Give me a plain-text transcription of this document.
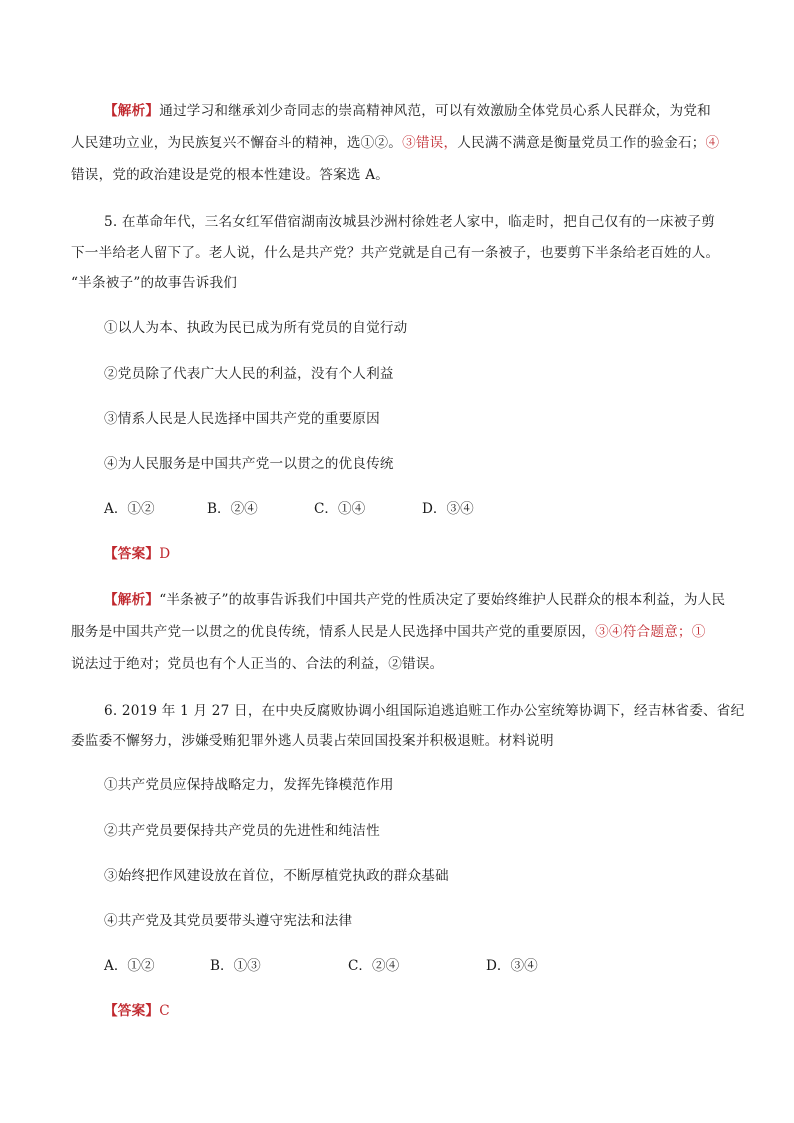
【解析】通过学习和继承刘少奇同志的崇高精神风范，可以有效激励全体党员心系人民群众，为党和
人民建功立业，为民族复兴不懈奋斗的精神，选①②。③错误，人民满不满意是衡量党员工作的验金石；④
错误，党的政治建设是党的根本性建设。答案选 A。
5. 在革命年代，三名女红军借宿湖南汝城县沙洲村徐姓老人家中，临走时，把自己仅有的一床被子剪
下一半给老人留下了。老人说，什么是共产党？共产党就是自己有一条被子，也要剪下半条给老百姓的人。
“半条被子”的故事告诉我们
①以人为本、执政为民已成为所有党员的自觉行动
②党员除了代表广大人民的利益，没有个人利益
③情系人民是人民选择中国共产党的重要原因
④为人民服务是中国共产党一以贯之的优良传统
A．①②	B．②④	C．①④	D．③④
【答案】D
【解析】“半条被子”的故事告诉我们中国共产党的性质决定了要始终维护人民群众的根本利益，为人民
服务是中国共产党一以贯之的优良传统，情系人民是人民选择中国共产党的重要原因，③④符合题意；①
说法过于绝对；党员也有个人正当的、合法的利益，②错误。
6. 2019 年 1 月 27 日，在中央反腐败协调小组国际追逃追赃工作办公室统筹协调下，经吉林省委、省纪
委监委不懈努力，涉嫌受贿犯罪外逃人员裴占荣回国投案并积极退赃。材料说明
①共产党员应保持战略定力，发挥先锋模范作用
②共产党员要保持共产党员的先进性和纯洁性
③始终把作风建设放在首位，不断厚植党执政的群众基础
④共产党及其党员要带头遵守宪法和法律
A．①②	B．①③	C．②④	D．③④
【答案】C
